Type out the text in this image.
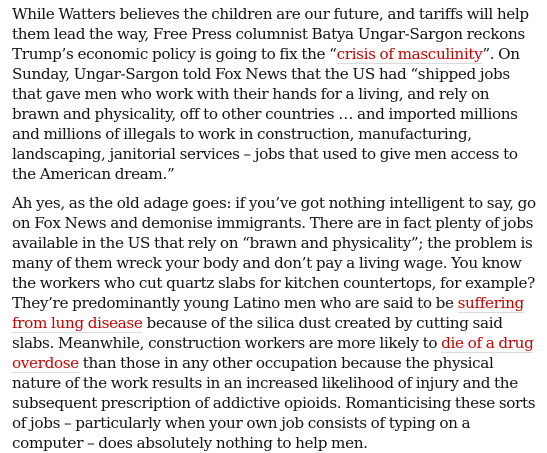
While Watters believes the children are our future, and tariffs will help them lead the way, Free Press columnist Batya Ungar-Sargon reckons Trump’s economic policy is going to fix the “crisis of masculinity”. On Sunday, Ungar-Sargon told Fox News that the US had “shipped jobs that gave men who work with their hands for a living, and rely on brawn and physicality, off to other countries … and imported millions and millions of illegals to work in construction, manufacturing, landscaping, janitorial services – jobs that used to give men access to the American dream.”

Ah yes, as the old adage goes: if you’ve got nothing intelligent to say, go on Fox News and demonise immigrants. There are in fact plenty of jobs available in the US that rely on “brawn and physicality”; the problem is many of them wreck your body and don’t pay a living wage. You know the workers who cut quartz slabs for kitchen countertops, for example? They’re predominantly young Latino men who are said to be suffering from lung disease because of the silica dust created by cutting said slabs. Meanwhile, construction workers are more likely to die of a drug overdose than those in any other occupation because the physical nature of the work results in an increased likelihood of injury and the subsequent prescription of addictive opioids. Romanticising these sorts of jobs – particularly when your own job consists of typing on a computer – does absolutely nothing to help men.
